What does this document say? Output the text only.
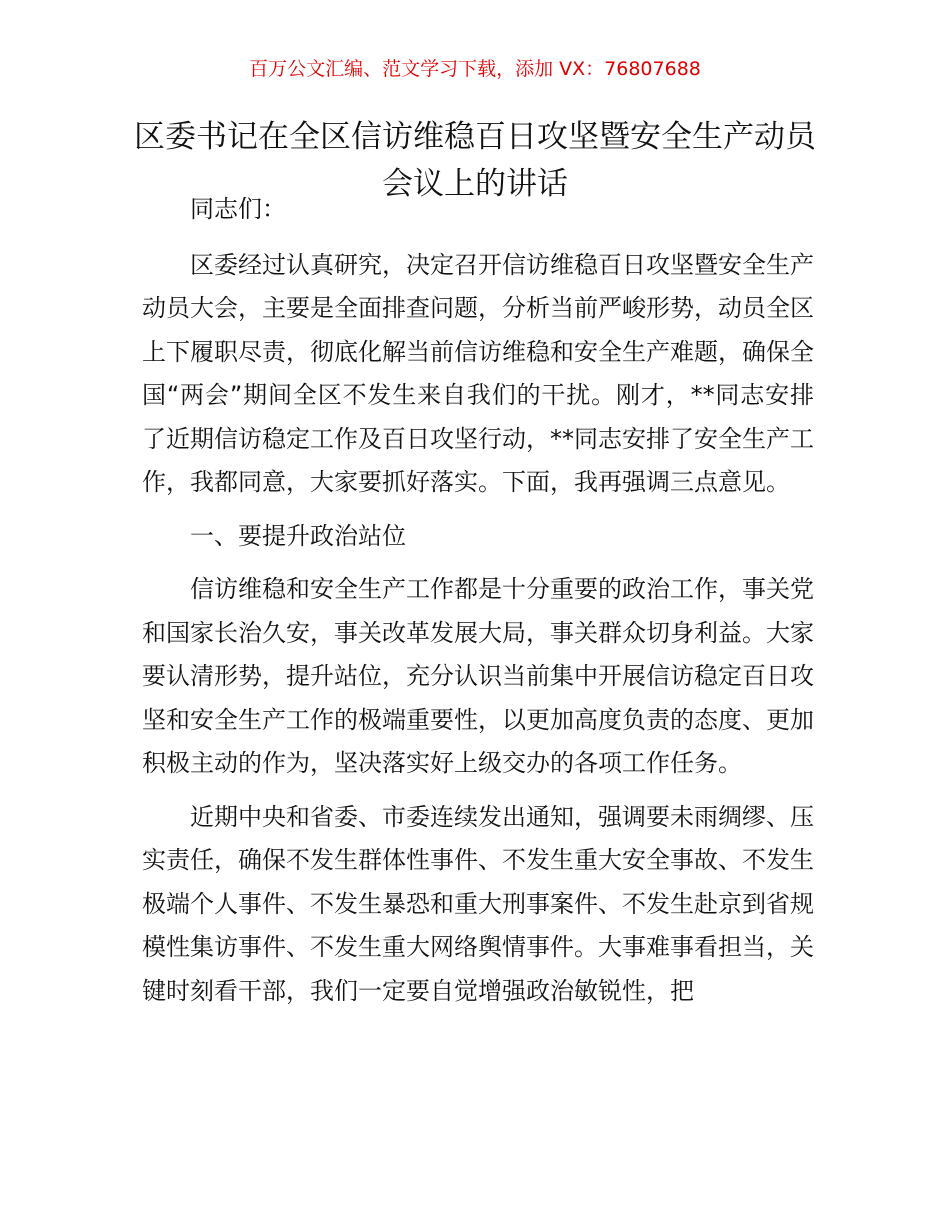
百万公文汇编、范文学习下载，添加 VX：76807688
区委书记在全区信访维稳百日攻坚暨安全生产动员会议上的讲话

同志们：

区委经过认真研究，决定召开信访维稳百日攻坚暨安全生产动员大会，主要是全面排查问题，分析当前严峻形势，动员全区上下履职尽责，彻底化解当前信访维稳和安全生产难题，确保全国“两会”期间全区不发生来自我们的干扰。刚才，**同志安排了近期信访稳定工作及百日攻坚行动，**同志安排了安全生产工作，我都同意，大家要抓好落实。下面，我再强调三点意见。

一、要提升政治站位

信访维稳和安全生产工作都是十分重要的政治工作，事关党和国家长治久安，事关改革发展大局，事关群众切身利益。大家要认清形势，提升站位，充分认识当前集中开展信访稳定百日攻坚和安全生产工作的极端重要性，以更加高度负责的态度、更加积极主动的作为，坚决落实好上级交办的各项工作任务。

近期中央和省委、市委连续发出通知，强调要未雨绸缪、压实责任，确保不发生群体性事件、不发生重大安全事故、不发生极端个人事件、不发生暴恐和重大刑事案件、不发生赴京到省规模性集访事件、不发生重大网络舆情事件。大事难事看担当，关键时刻看干部，我们一定要自觉增强政治敏锐性，把
